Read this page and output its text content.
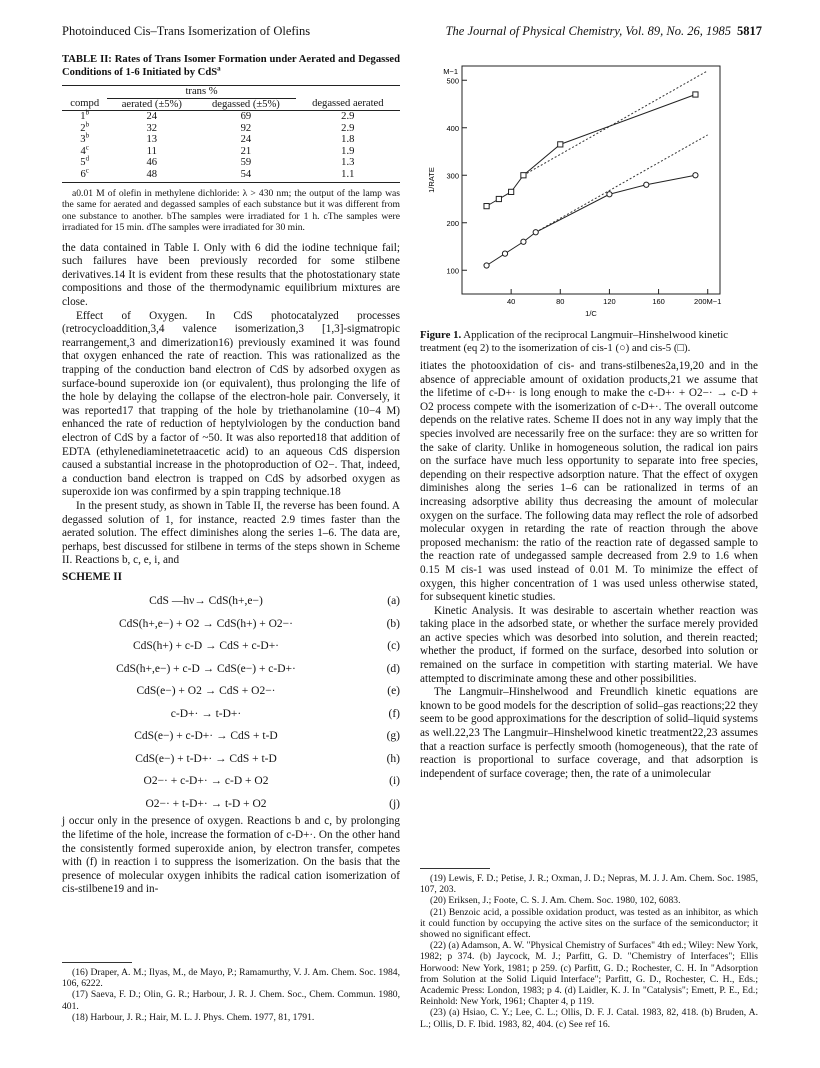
Photoinduced Cis–Trans Isomerization of Olefins	The Journal of Physical Chemistry, Vol. 89, No. 26, 1985 5817
TABLE II: Rates of Trans Isomer Formation under Aerated and Degassed Conditions of 1-6 Initiated by CdS$^a$
	trans %		
compd	aerated (±5%)	degassed (±5%)	degassed aerated
1$^b$	24	69	2.9
2$^b$	32	92	2.9
3$^b$	13	24	1.8
4$^c$	11	21	1.9
5$^d$	46	59	1.3
6$^c$	48	54	1.1

a0.01 M of olefin in methylene dichloride: λ > 430 nm; the output of the lamp was the same for aerated and degassed samples of each substance but it was different from one substance to another. bThe samples were irradiated for 1 h. cThe samples were irradiated for 15 min. dThe samples were irradiated for 30 min.

the data contained in Table I. Only with 6 did the iodine technique fail; such failures have been previously recorded for some stilbene derivatives.14 It is evident from these results that the photostationary state compositions and those of the thermodynamic equilibrium mixtures are close.

Effect of Oxygen. In CdS photocatalyzed processes (retrocycloaddition,3,4 valence isomerization,3 [1,3]-sigmatropic rearrangement,3 and dimerization16) previously examined it was found that oxygen enhanced the rate of reaction. This was rationalized as the trapping of the conduction band electron of CdS by adsorbed oxygen as surface-bound superoxide ion (or equivalent), thus prolonging the life of the hole by delaying the collapse of the electron-hole pair. Conversely, it was reported17 that trapping of the hole by triethanolamine (10−4 M) enhanced the rate of reduction of heptylviologen by the conduction band electron of CdS by a factor of ~50. It was also reported18 that addition of EDTA (ethylenediaminetetraacetic acid) to an aqueous CdS dispersion caused a substantial increase in the photoproduction of O2−. That, indeed, a conduction band electron is trapped on CdS by adsorbed oxygen as superoxide ion was confirmed by a spin trapping technique.18

In the present study, as shown in Table II, the reverse has been found. A degassed solution of 1, for instance, reacted 2.9 times faster than the aerated solution. The effect diminishes along the series 1–6. The data are, perhaps, best discussed for stilbene in terms of the steps shown in Scheme II. Reactions b, c, e, i, and

SCHEME II
CdS —hν→ CdS(h+,e−)	(a)
CdS(h+,e−) + O2 → CdS(h+) + O2−·	(b)
CdS(h+) + c-D → CdS + c-D+·	(c)
CdS(h+,e−) + c-D → CdS(e−) + c-D+·	(d)
CdS(e−) + O2 → CdS + O2−·	(e)
c-D+· → t-D+·	(f)
CdS(e−) + c-D+· → CdS + t-D	(g)
CdS(e−) + t-D+· → CdS + t-D	(h)
O2−· + c-D+· → c-D + O2	(i)
O2−· + t-D+· → t-D + O2	(j)

j occur only in the presence of oxygen. Reactions b and c, by prolonging the lifetime of the hole, increase the formation of c-D+·. On the other hand the consistently formed superoxide anion, by electron transfer, competes with (f) in reaction i to suppress the isomerization. On the basis that the presence of molecular oxygen inhibits the radical cation isomerization of cis-stilbene19 and in-

(16) Draper, A. M.; Ilyas, M., de Mayo, P.; Ramamurthy, V. J. Am. Chem. Soc. 1984, 106, 6222.

(17) Saeva, F. D.; Olin, G. R.; Harbour, J. R. J. Chem. Soc., Chem. Commun. 1980, 401.

(18) Harbour, J. R.; Hair, M. L. J. Phys. Chem. 1977, 81, 1791.

100
200
300
400
500
M−1
40	80	120	160	200M−1
1/C
1/RATE
Figure 1. Application of the reciprocal Langmuir–Hinshelwood kinetic treatment (eq 2) to the isomerization of cis-1 (○) and cis-5 (□).

itiates the photooxidation of cis- and trans-stilbenes2a,19,20 and in the absence of appreciable amount of oxidation products,21 we assume that the lifetime of c-D+· is long enough to make the c-D+· + O2−· → c-D + O2 process compete with the isomerization of c-D+·. The overall outcome depends on the relative rates. Scheme II does not in any way imply that the species involved are necessarily free on the surface: they are so written for the sake of clarity. Unlike in homogeneous solution, the radical ion pairs on the surface have much less opportunity to separate into free species, depending on their respective adsorption nature. That the effect of oxygen diminishes along the series 1–6 can be rationalized in terms of an increasing adsorptive ability thus decreasing the amount of molecular oxygen on the surface. The following data may reflect the role of adsorbed molecular oxygen in retarding the rate of reaction through the above proposed mechanism: the ratio of the reaction rate of degassed sample to the reaction rate of undegassed sample decreased from 2.9 to 1.6 when 0.15 M cis-1 was used instead of 0.01 M. To minimize the effect of oxygen, this higher concentration of 1 was used unless otherwise stated, for subsequent kinetic studies.

Kinetic Analysis. It was desirable to ascertain whether reaction was taking place in the adsorbed state, or whether the surface merely provided an active species which was desorbed into solution, and therein reacted; whether the product, if formed on the surface, desorbed into solution or remained on the surface in competition with starting material. We have attempted to discriminate among these and other possibilities.

The Langmuir–Hinshelwood and Freundlich kinetic equations are known to be good models for the description of solid–gas reactions;22 they seem to be good approximations for the description of solid–liquid systems as well.22,23 The Langmuir–Hinshelwood kinetic treatment22,23 assumes that a reaction surface is perfectly smooth (homogeneous), that the rate of reaction is proportional to surface coverage, and that adsorption is independent of surface coverage; then, the rate of a unimolecular

(19) Lewis, F. D.; Petise, J. R.; Oxman, J. D.; Nepras, M. J. J. Am. Chem. Soc. 1985, 107, 203.

(20) Eriksen, J.; Foote, C. S. J. Am. Chem. Soc. 1980, 102, 6083.

(21) Benzoic acid, a possible oxidation product, was tested as an inhibitor, as which it could function by occupying the active sites on the surface of the semiconductor; it showed no significant effect.

(22) (a) Adamson, A. W. "Physical Chemistry of Surfaces" 4th ed.; Wiley: New York, 1982; p 374. (b) Jaycock, M. J.; Parfitt, G. D. "Chemistry of Interfaces"; Ellis Horwood: New York, 1981; p 259. (c) Parfitt, G. D.; Rochester, C. H. In "Adsorption from Solution at the Solid Liquid Interface"; Parfitt, G. D., Rochester, C. H., Eds.; Academic Press: London, 1983; p 4. (d) Laidler, K. J. In "Catalysis"; Emett, P. E., Ed.; Reinhold: New York, 1961; Chapter 4, p 119.

(23) (a) Hsiao, C. Y.; Lee, C. L.; Ollis, D. F. J. Catal. 1983, 82, 418. (b) Bruden, A. L.; Ollis, D. F. Ibid. 1983, 82, 404. (c) See ref 16.
